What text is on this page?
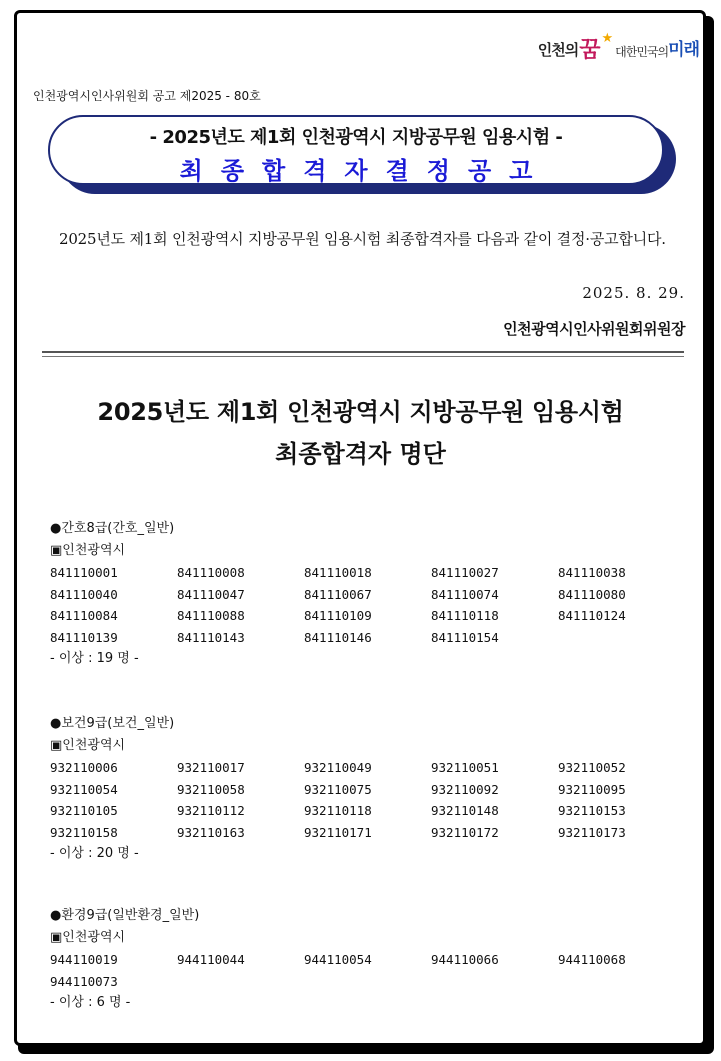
인천의 꿈 ★
대한민국의 미래
인천광역시인사위원회 공고 제2025 - 80호
- 2025년도 제1회 인천광역시 지방공무원 임용시험 -
최종합격자결정공고
2025년도 제1회 인천광역시 지방공무원 임용시험 최종합격자를 다음과 같이 결정·공고합니다.
2025. 8. 29.
인천광역시인사위원회위원장
2025년도 제1회 인천광역시 지방공무원 임용시험
최종합격자 명단
●간호8급(간호_일반)
▣인천광역시
841110001	841110008	841110018	841110027	841110038
841110040	841110047	841110067	841110074	841110080
841110084	841110088	841110109	841110118	841110124
841110139	841110143	841110146	841110154
- 이상 : 19 명 -
●보건9급(보건_일반)
▣인천광역시
932110006	932110017	932110049	932110051	932110052
932110054	932110058	932110075	932110092	932110095
932110105	932110112	932110118	932110148	932110153
932110158	932110163	932110171	932110172	932110173
- 이상 : 20 명 -
●환경9급(일반환경_일반)
▣인천광역시
944110019	944110044	944110054	944110066	944110068
944110073
- 이상 : 6 명 -
